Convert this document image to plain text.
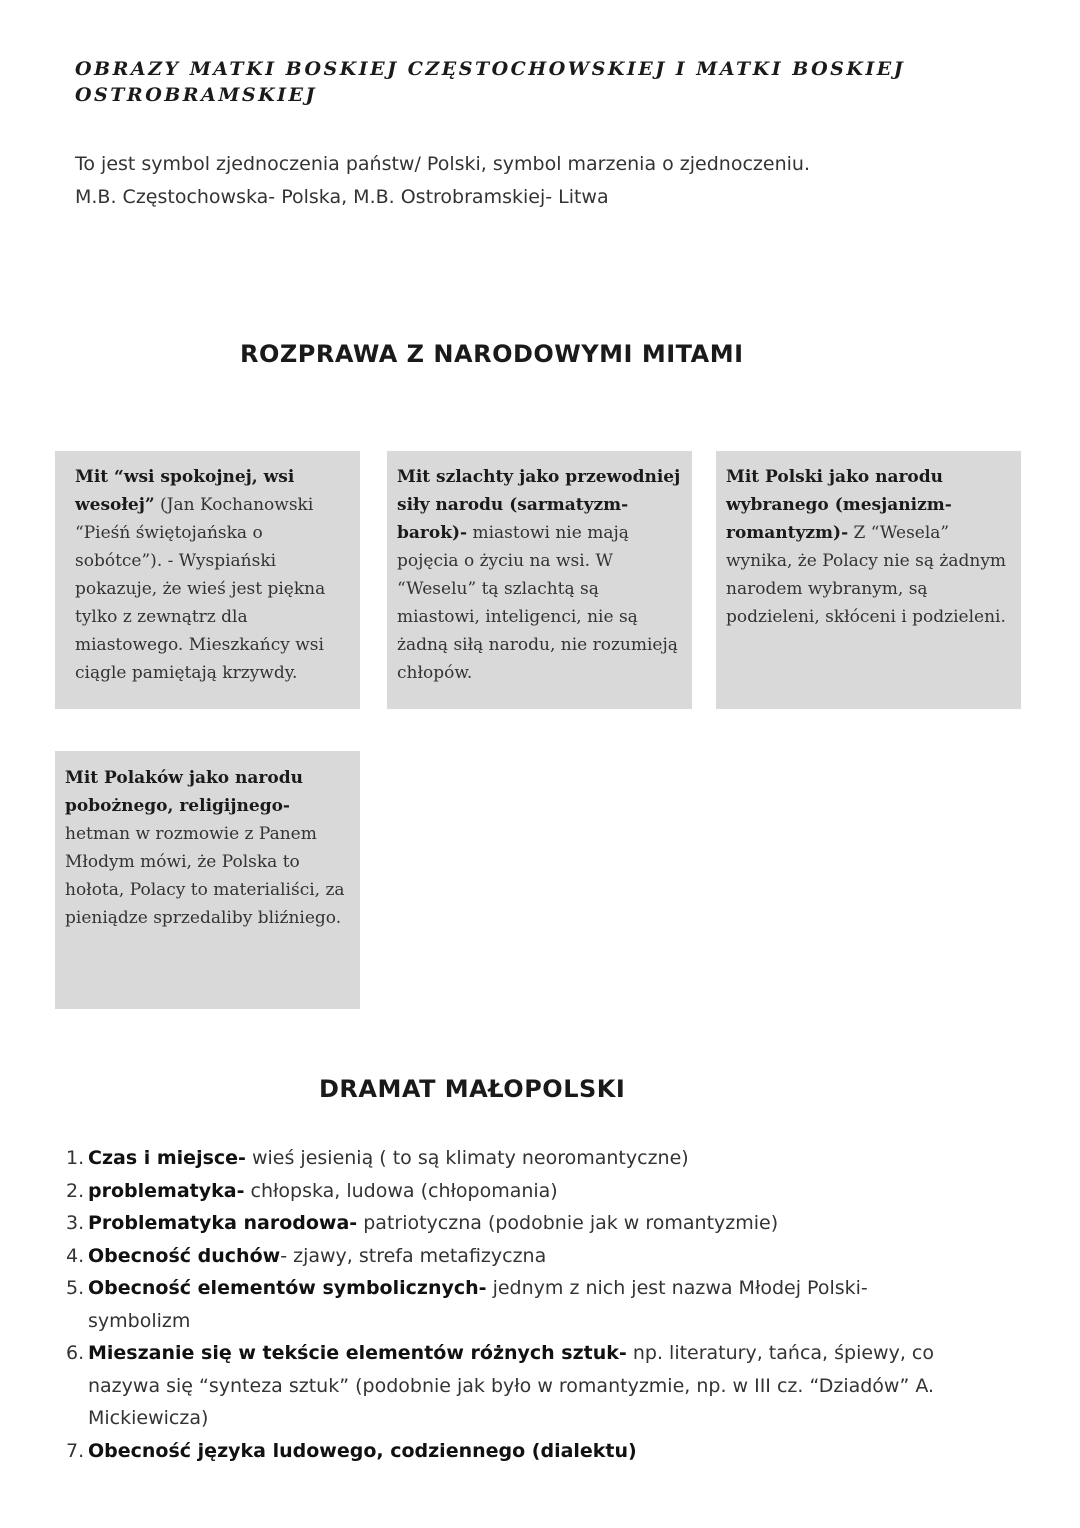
OBRAZY MATKI BOSKIEJ CZĘSTOCHOWSKIEJ I MATKI BOSKIEJ OSTROBRAMSKIEJ

To jest symbol zjednoczenia państw/ Polski, symbol marzenia o zjednoczeniu.

M.B. Częstochowska- Polska, M.B. Ostrobramskiej- Litwa

ROZPRAWA Z NARODOWYMI MITAMI
Mit “wsi spokojnej, wsi wesołej” (Jan Kochanowski “Pieśń świętojańska o sobótce”). - Wyspiański pokazuje, że wieś jest piękna tylko z zewnątrz dla miastowego. Mieszkańcy wsi ciągle pamiętają krzywdy.
Mit szlachty jako przewodniej siły narodu (sarmatyzm-barok)- miastowi nie mają pojęcia o życiu na wsi. W “Weselu” tą szlachtą są miastowi, inteligenci, nie są żadną siłą narodu, nie rozumieją chłopów.
Mit Polski jako narodu wybranego (mesjanizm-romantyzm)- Z “Wesela” wynika, że Polacy nie są żadnym narodem wybranym, są podzieleni, skłóceni i podzieleni.
Mit Polaków jako narodu pobożnego, religijnego- hetman w rozmowie z Panem Młodym mówi, że Polska to hołota, Polacy to materialiści, za pieniądze sprzedaliby bliźniego.
DRAMAT MAŁOPOLSKI
1. Czas i miejsce- wieś jesienią ( to są klimaty neoromantyczne)
2. problematyka- chłopska, ludowa (chłopomania)
3. Problematyka narodowa- patriotyczna (podobnie jak w romantyzmie)
4. Obecność duchów- zjawy, strefa metafizyczna
5. Obecność elementów symbolicznych- jednym z nich jest nazwa Młodej Polski- symbolizm
6. Mieszanie się w tekście elementów różnych sztuk- np. literatury, tańca, śpiewy, co nazywa się “synteza sztuk” (podobnie jak było w romantyzmie, np. w III cz. “Dziadów” A. Mickiewicza)
7. Obecność języka ludowego, codziennego (dialektu)
